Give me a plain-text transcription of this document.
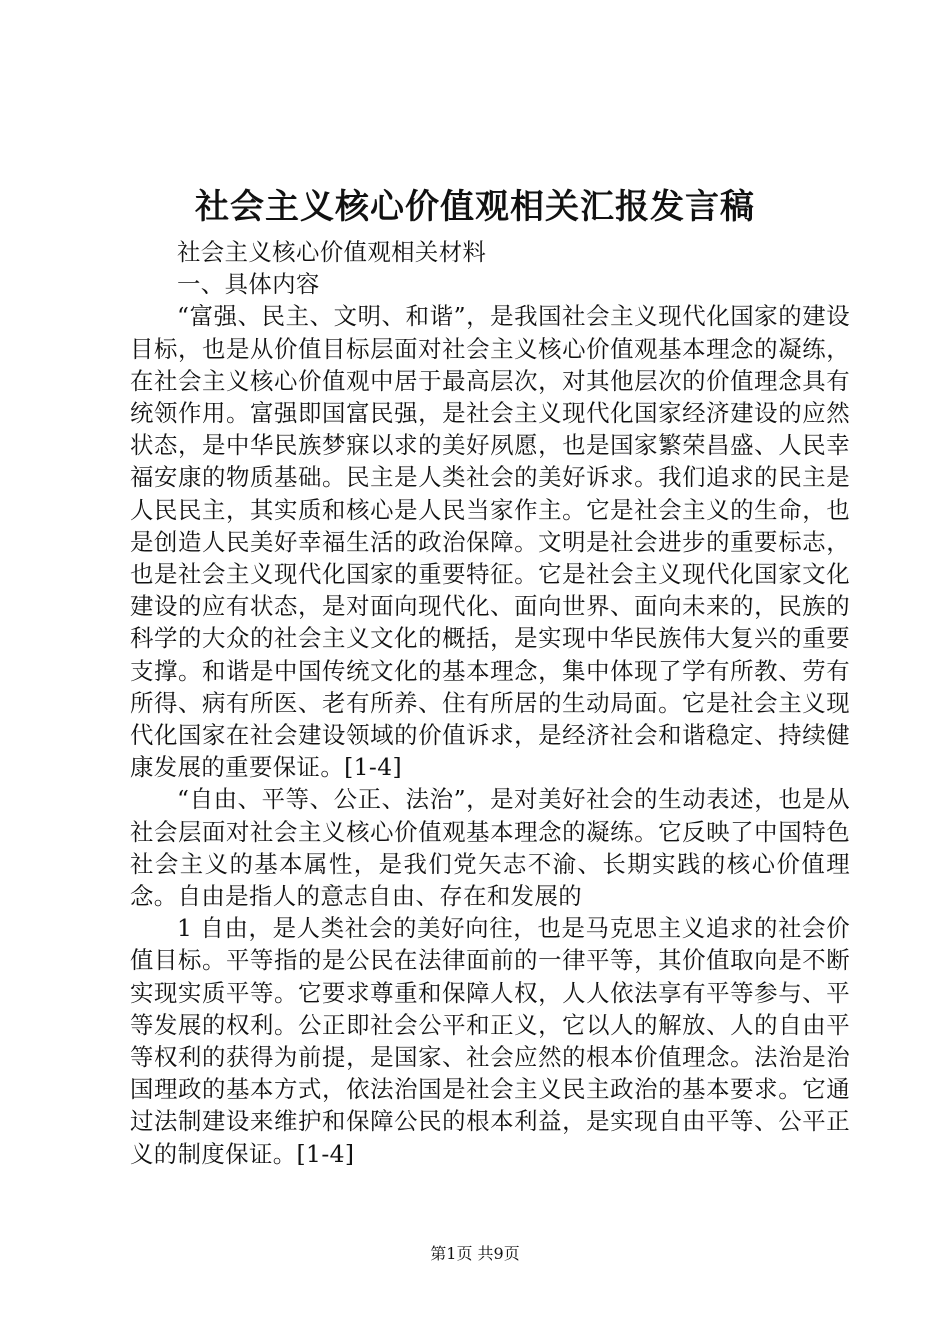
社会主义核心价值观相关汇报发言稿

社会主义核心价值观相关材料

一、具体内容

“富强、民主、文明、和谐”，是我国社会主义现代化国家的建设目标，也是从价值目标层面对社会主义核心价值观基本理念的凝练，在社会主义核心价值观中居于最高层次，对其他层次的价值理念具有统领作用。富强即国富民强，是社会主义现代化国家经济建设的应然状态，是中华民族梦寐以求的美好夙愿，也是国家繁荣昌盛、人民幸福安康的物质基础。民主是人类社会的美好诉求。我们追求的民主是人民民主，其实质和核心是人民当家作主。它是社会主义的生命，也是创造人民美好幸福生活的政治保障。文明是社会进步的重要标志，也是社会主义现代化国家的重要特征。它是社会主义现代化国家文化建设的应有状态，是对面向现代化、面向世界、面向未来的，民族的科学的大众的社会主义文化的概括，是实现中华民族伟大复兴的重要支撑。和谐是中国传统文化的基本理念，集中体现了学有所教、劳有所得、病有所医、老有所养、住有所居的生动局面。它是社会主义现代化国家在社会建设领域的价值诉求，是经济社会和谐稳定、持续健康发展的重要保证。[1-4]

“自由、平等、公正、法治”，是对美好社会的生动表述，也是从社会层面对社会主义核心价值观基本理念的凝练。它反映了中国特色社会主义的基本属性，是我们党矢志不渝、长期实践的核心价值理念。自由是指人的意志自由、存在和发展的

1 自由，是人类社会的美好向往，也是马克思主义追求的社会价值目标。平等指的是公民在法律面前的一律平等，其价值取向是不断实现实质平等。它要求尊重和保障人权，人人依法享有平等参与、平等发展的权利。公正即社会公平和正义，它以人的解放、人的自由平等权利的获得为前提，是国家、社会应然的根本价值理念。法治是治国理政的基本方式，依法治国是社会主义民主政治的基本要求。它通过法制建设来维护和保障公民的根本利益，是实现自由平等、公平正义的制度保证。[1-4]

第1页 共9页
